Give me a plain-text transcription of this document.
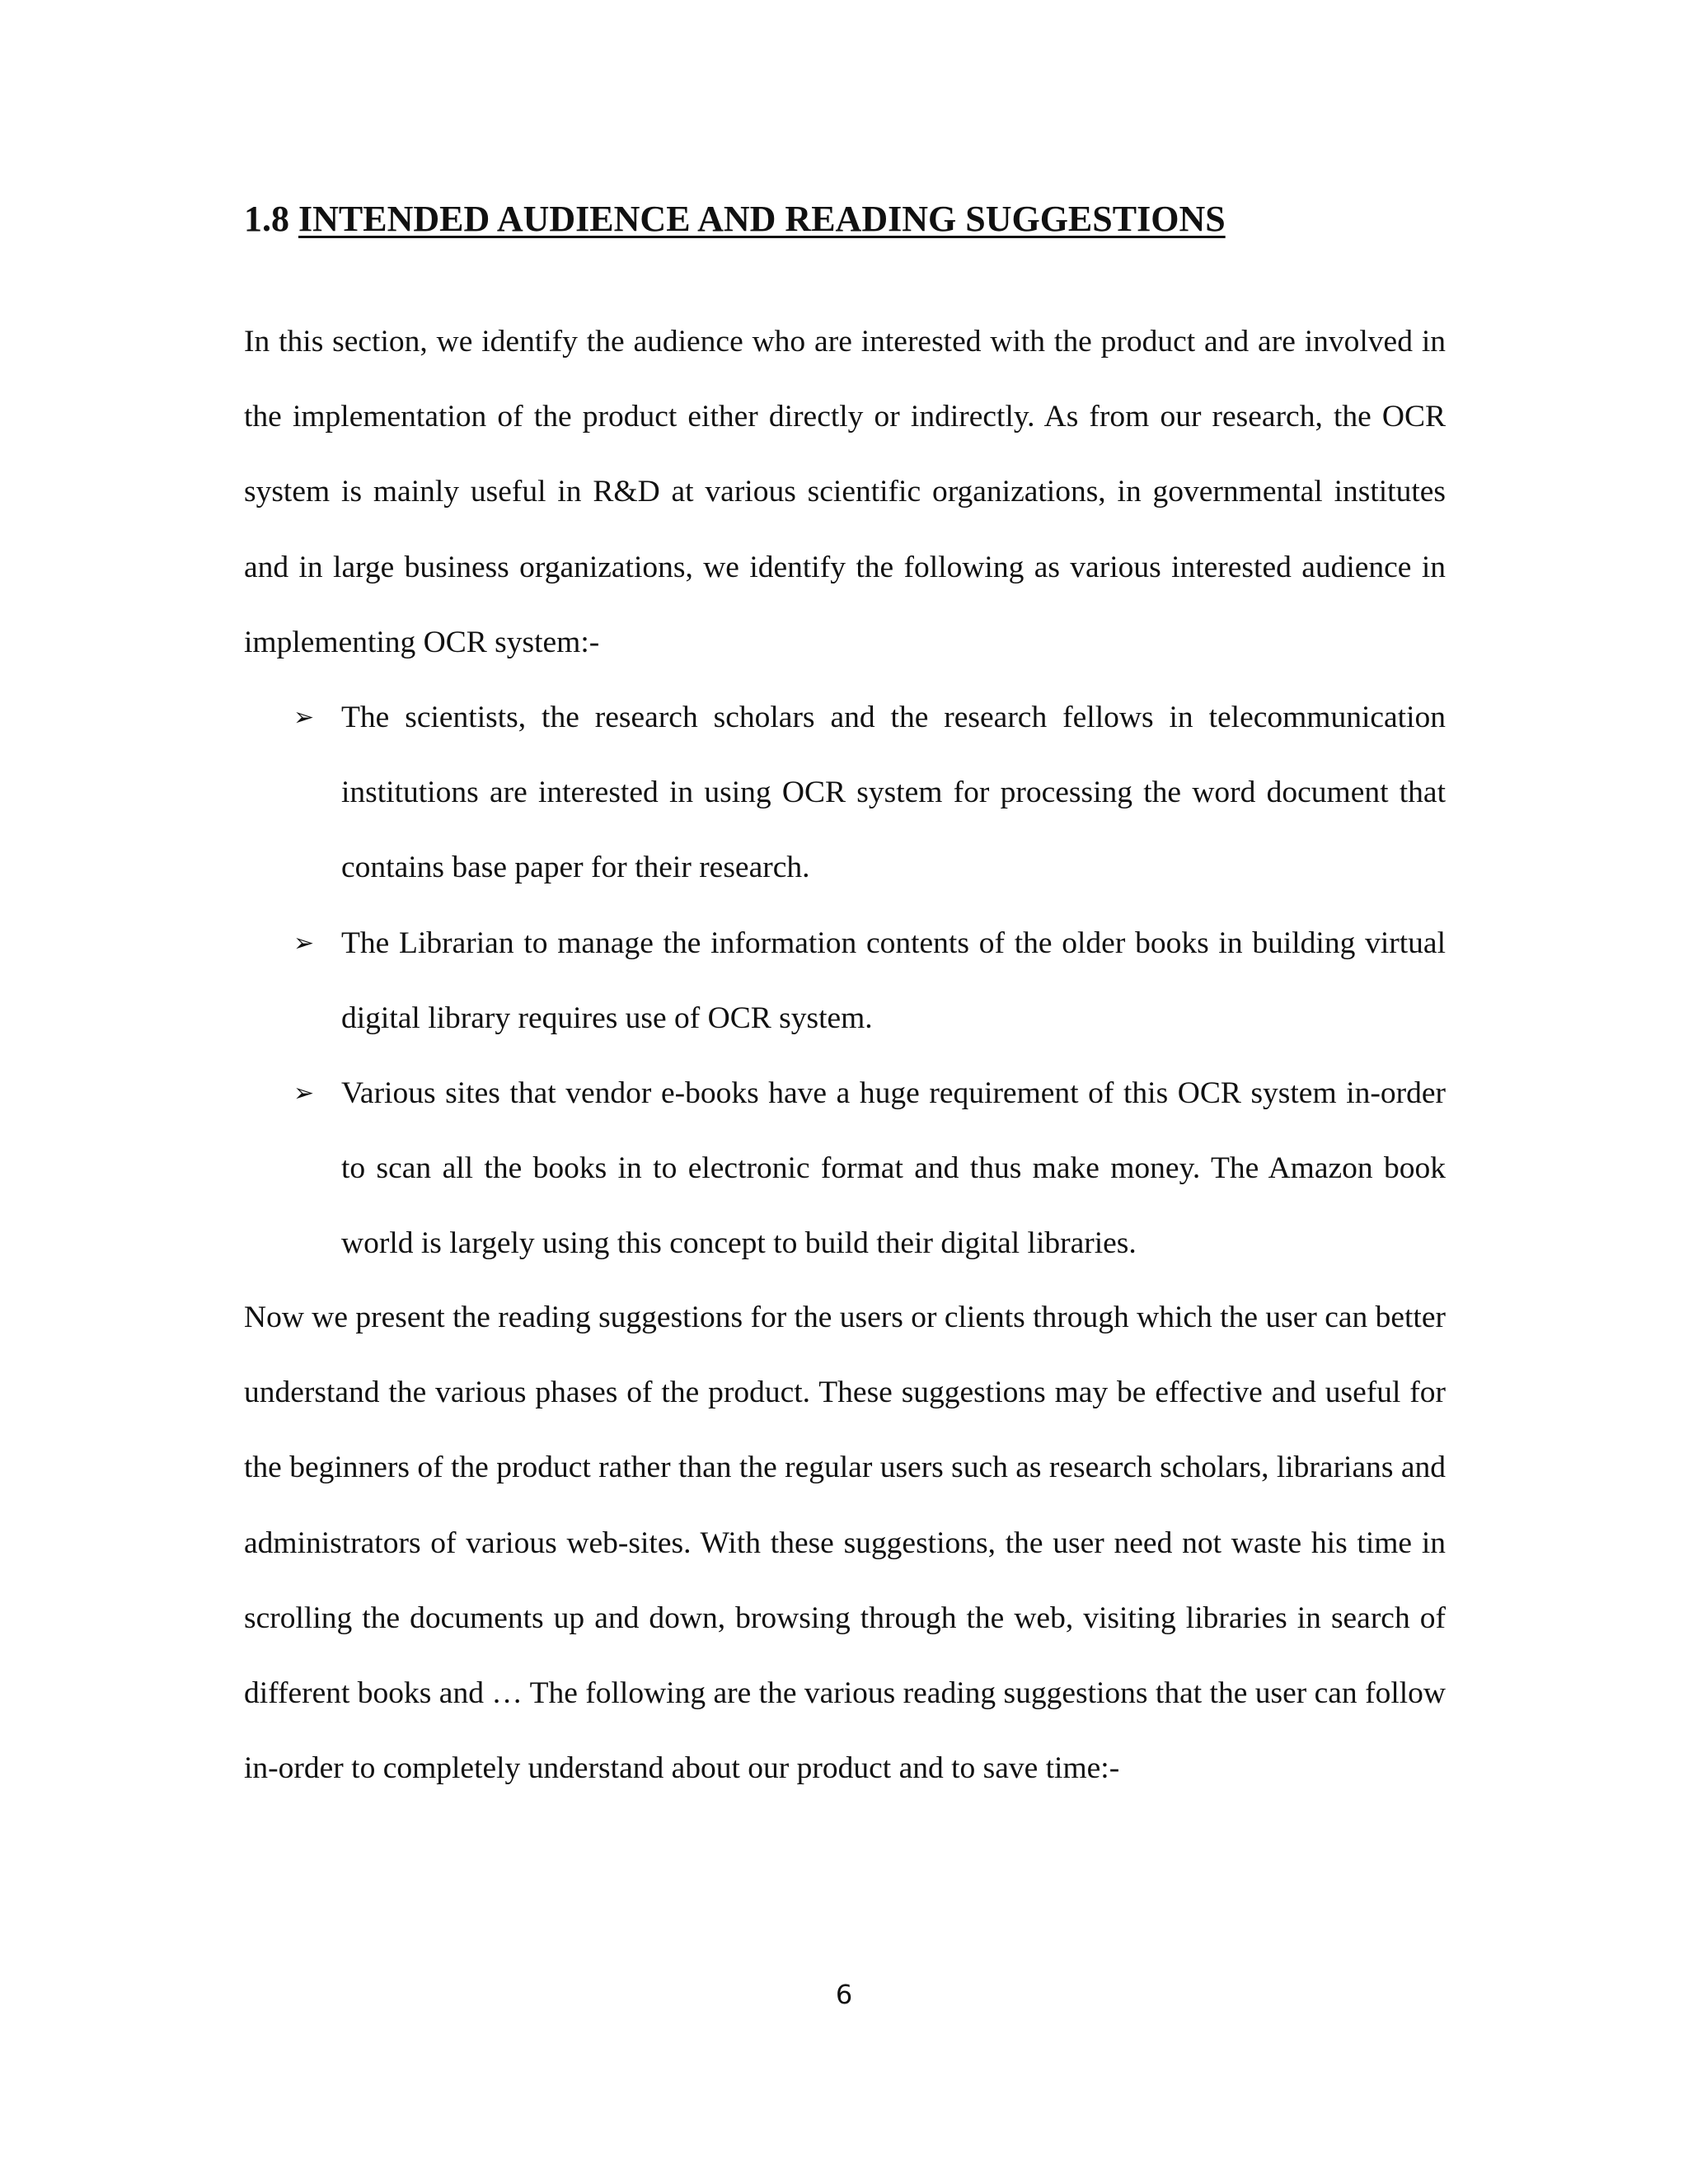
1.8 INTENDED AUDIENCE AND READING SUGGESTIONS

In this section, we identify the audience who are interested with the product and are involved in the implementation of the product either directly or indirectly. As from our research, the OCR system is mainly useful in R&D at various scientific organizations, in governmental institutes and in large business organizations, we identify the following as various interested audience in implementing OCR system:-

➢ The scientists, the research scholars and the research fellows in telecommunication institutions are interested in using OCR system for processing the word document that contains base paper for their research.
➢ The Librarian to manage the information contents of the older books in building virtual digital library requires use of OCR system.
➢ Various sites that vendor e-books have a huge requirement of this OCR system in-order to scan all the books in to electronic format and thus make money. The Amazon book world is largely using this concept to build their digital libraries.

Now we present the reading suggestions for the users or clients through which the user can better understand the various phases of the product. These suggestions may be effective and useful for the beginners of the product rather than the regular users such as research scholars, librarians and administrators of various web-sites. With these suggestions, the user need not waste his time in scrolling the documents up and down, browsing through the web, visiting libraries in search of different books and … The following are the various reading suggestions that the user can follow in-order to completely understand about our product and to save time:-

6
